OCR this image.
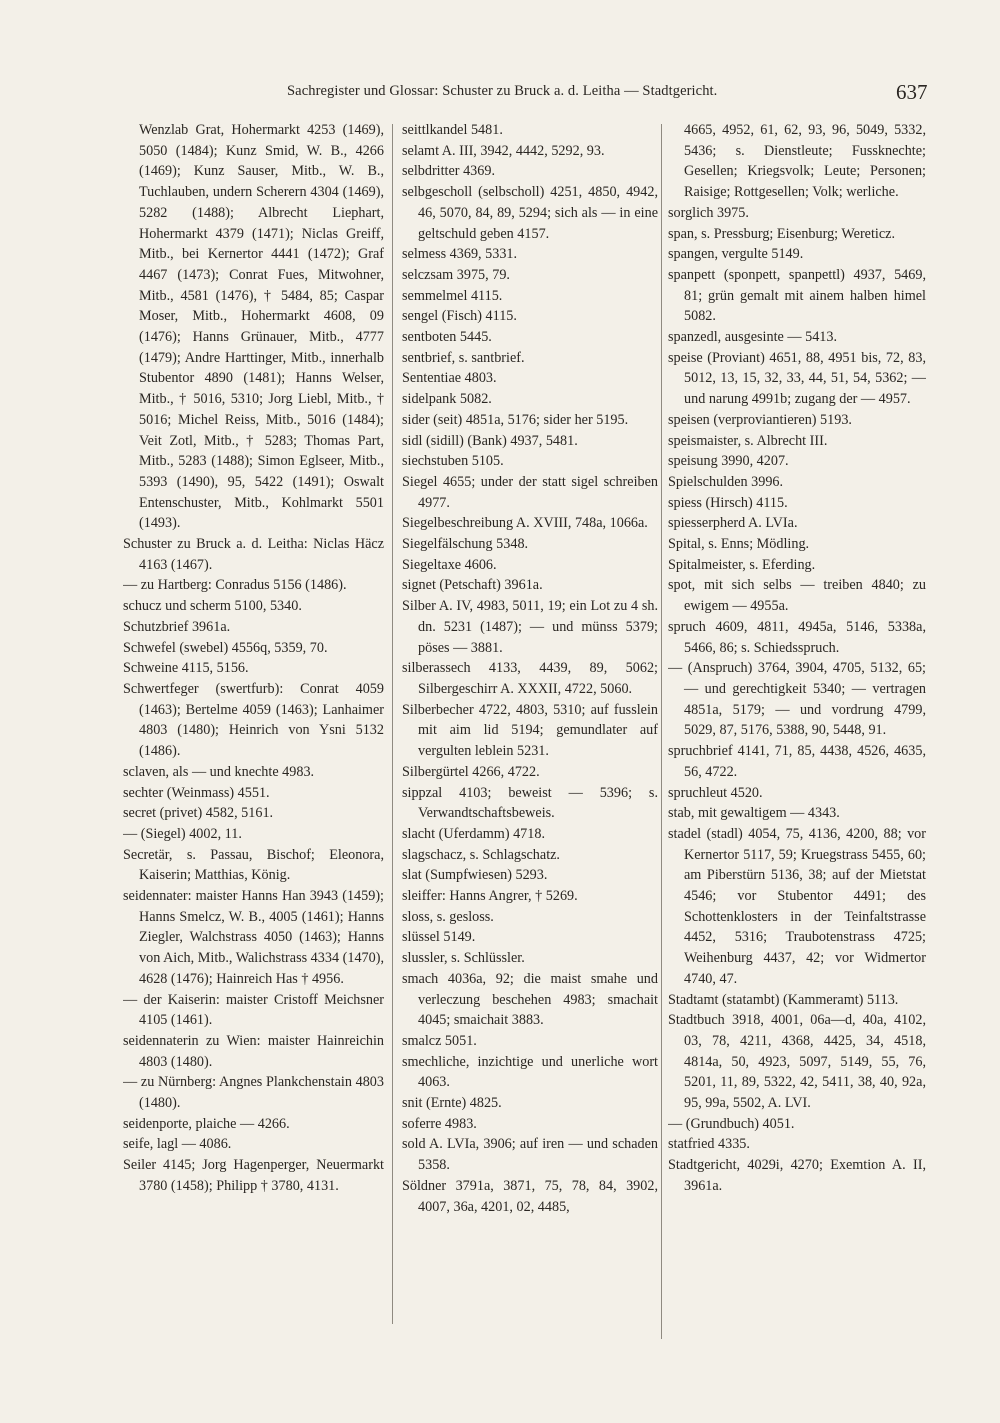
Sachregister und Glossar: Schuster zu Bruck a. d. Leitha — Stadtgericht.	637

Wenzlab Grat, Hohermarkt 4253 (1469), 5050 (1484); Kunz Smid, W. B., 4266 (1469); Kunz Sauser, Mitb., W. B., Tuchlauben, undern Scherern 4304 (1469), 5282 (1488); Albrecht Liephart, Hohermarkt 4379 (1471); Niclas Greiff, Mitb., bei Kernertor 4441 (1472); Graf 4467 (1473); Conrat Fues, Mitwohner, Mitb., 4581 (1476), † 5484, 85; Caspar Moser, Mitb., Hohermarkt 4608, 09 (1476); Hanns Grünauer, Mitb., 4777 (1479); Andre Harttinger, Mitb., innerhalb Stubentor 4890 (1481); Hanns Welser, Mitb., † 5016, 5310; Jorg Liebl, Mitb., † 5016; Michel Reiss, Mitb., 5016 (1484); Veit Zotl, Mitb., † 5283; Thomas Part, Mitb., 5283 (1488); Simon Eglseer, Mitb., 5393 (1490), 95, 5422 (1491); Oswalt Entenschuster, Mitb., Kohlmarkt 5501 (1493).

Schuster zu Bruck a. d. Leitha: Niclas Häcz 4163 (1467).

— zu Hartberg: Conradus 5156 (1486).

schucz und scherm 5100, 5340.

Schutzbrief 3961a.

Schwefel (swebel) 4556q, 5359, 70.

Schweine 4115, 5156.

Schwertfeger (swertfurb): Conrat 4059 (1463); Bertelme 4059 (1463); Lanhaimer 4803 (1480); Heinrich von Ysni 5132 (1486).

sclaven, als — und knechte 4983.

sechter (Weinmass) 4551.

secret (privet) 4582, 5161.

— (Siegel) 4002, 11.

Secretär, s. Passau, Bischof; Eleonora, Kaiserin; Matthias, König.

seidennater: maister Hanns Han 3943 (1459); Hanns Smelcz, W. B., 4005 (1461); Hanns Ziegler, Walchstrass 4050 (1463); Hanns von Aich, Mitb., Walichstrass 4334 (1470), 4628 (1476); Hainreich Has † 4956.

— der Kaiserin: maister Cristoff Meichsner 4105 (1461).

seidennaterin zu Wien: maister Hainreichin 4803 (1480).

— zu Nürnberg: Angnes Plankchenstain 4803 (1480).

seidenporte, plaiche — 4266.

seife, lagl — 4086.

Seiler 4145; Jorg Hagenperger, Neuermarkt 3780 (1458); Philipp † 3780, 4131.

seittlkandel 5481.

selamt A. III, 3942, 4442, 5292, 93.

selbdritter 4369.

selbgescholl (selbscholl) 4251, 4850, 4942, 46, 5070, 84, 89, 5294; sich als — in eine geltschuld geben 4157.

selmess 4369, 5331.

selczsam 3975, 79.

semmelmel 4115.

sengel (Fisch) 4115.

sentboten 5445.

sentbrief, s. santbrief.

Sententiae 4803.

sidelpank 5082.

sider (seit) 4851a, 5176; sider her 5195.

sidl (sidill) (Bank) 4937, 5481.

siechstuben 5105.

Siegel 4655; under der statt sigel schreiben 4977.

Siegelbeschreibung A. XVIII, 748a, 1066a.

Siegelfälschung 5348.

Siegeltaxe 4606.

signet (Petschaft) 3961a.

Silber A. IV, 4983, 5011, 19; ein Lot zu 4 sh. dn. 5231 (1487); — und münss 5379; pöses — 3881.

silberassech 4133, 4439, 89, 5062; Silbergeschirr A. XXXII, 4722, 5060.

Silberbecher 4722, 4803, 5310; auf fusslein mit aim lid 5194; gemundlater auf vergulten leblein 5231.

Silbergürtel 4266, 4722.

sippzal 4103; beweist — 5396; s. Verwandtschaftsbeweis.

slacht (Uferdamm) 4718.

slagschacz, s. Schlagschatz.

slat (Sumpfwiesen) 5293.

sleiffer: Hanns Angrer, † 5269.

sloss, s. gesloss.

slüssel 5149.

slussler, s. Schlüssler.

smach 4036a, 92; die maist smahe und verleczung beschehen 4983; smachait 4045; smaichait 3883.

smalcz 5051.

smechliche, inzichtige und unerliche wort 4063.

snit (Ernte) 4825.

soferre 4983.

sold A. LVIa, 3906; auf iren — und schaden 5358.

Söldner 3791a, 3871, 75, 78, 84, 3902, 4007, 36a, 4201, 02, 4485,

4665, 4952, 61, 62, 93, 96, 5049, 5332, 5436; s. Dienstleute; Fussknechte; Gesellen; Kriegsvolk; Leute; Personen; Raisige; Rottgesellen; Volk; werliche.

sorglich 3975.

span, s. Pressburg; Eisenburg; Wereticz.

spangen, vergulte 5149.

spanpett (sponpett, spanpettl) 4937, 5469, 81; grün gemalt mit ainem halben himel 5082.

spanzedl, ausgesinte — 5413.

speise (Proviant) 4651, 88, 4951 bis, 72, 83, 5012, 13, 15, 32, 33, 44, 51, 54, 5362; — und narung 4991b; zugang der — 4957.

speisen (verproviantieren) 5193.

speismaister, s. Albrecht III.

speisung 3990, 4207.

Spielschulden 3996.

spiess (Hirsch) 4115.

spiesserpherd A. LVIa.

Spital, s. Enns; Mödling.

Spitalmeister, s. Eferding.

spot, mit sich selbs — treiben 4840; zu ewigem — 4955a.

spruch 4609, 4811, 4945a, 5146, 5338a, 5466, 86; s. Schiedsspruch.

— (Anspruch) 3764, 3904, 4705, 5132, 65; — und gerechtigkeit 5340; — vertragen 4851a, 5179; — und vordrung 4799, 5029, 87, 5176, 5388, 90, 5448, 91.

spruchbrief 4141, 71, 85, 4438, 4526, 4635, 56, 4722.

spruchleut 4520.

stab, mit gewaltigem — 4343.

stadel (stadl) 4054, 75, 4136, 4200, 88; vor Kernertor 5117, 59; Kruegstrass 5455, 60; am Piberstürn 5136, 38; auf der Mietstat 4546; vor Stubentor 4491; des Schottenklosters in der Teinfaltstrasse 4452, 5316; Traubotenstrass 4725; Weihenburg 4437, 42; vor Widmertor 4740, 47.

Stadtamt (statambt) (Kammeramt) 5113.

Stadtbuch 3918, 4001, 06a—d, 40a, 4102, 03, 78, 4211, 4368, 4425, 34, 4518, 4814a, 50, 4923, 5097, 5149, 55, 76, 5201, 11, 89, 5322, 42, 5411, 38, 40, 92a, 95, 99a, 5502, A. LVI.

— (Grundbuch) 4051.

statfried 4335.

Stadtgericht, 4029i, 4270; Exemtion A. II, 3961a.
